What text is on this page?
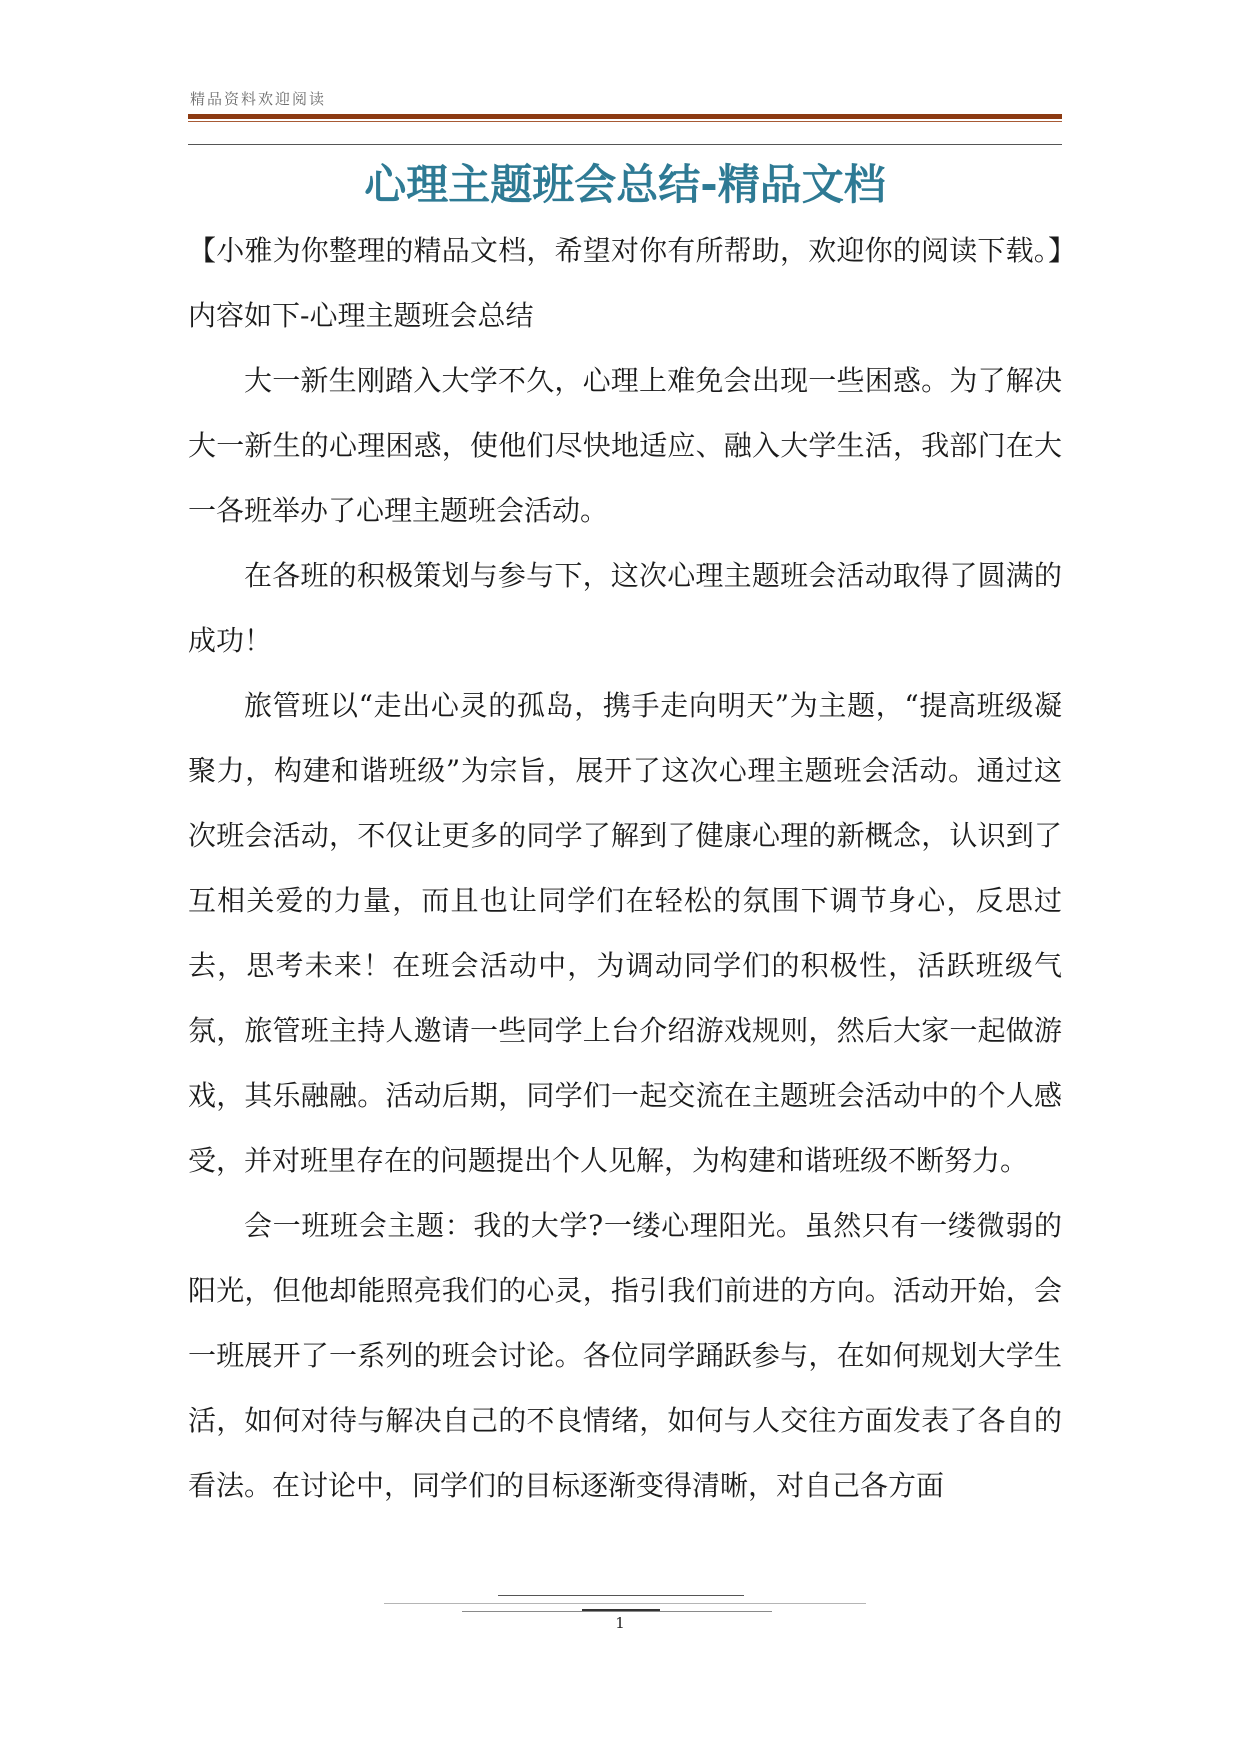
精品资料欢迎阅读
心理主题班会总结-精品文档

【小雅为你整理的精品文档，希望对你有所帮助，欢迎你的阅读下载。】内容如下-心理主题班会总结

大一新生刚踏入大学不久，心理上难免会出现一些困惑。为了解决大一新生的心理困惑，使他们尽快地适应、融入大学生活，我部门在大一各班举办了心理主题班会活动。

在各班的积极策划与参与下，这次心理主题班会活动取得了圆满的成功！

旅管班以“走出心灵的孤岛，携手走向明天”为主题，“提高班级凝聚力，构建和谐班级”为宗旨，展开了这次心理主题班会活动。通过这次班会活动，不仅让更多的同学了解到了健康心理的新概念，认识到了互相关爱的力量，而且也让同学们在轻松的氛围下调节身心，反思过去，思考未来！在班会活动中，为调动同学们的积极性，活跃班级气氛，旅管班主持人邀请一些同学上台介绍游戏规则，然后大家一起做游戏，其乐融融。活动后期，同学们一起交流在主题班会活动中的个人感受，并对班里存在的问题提出个人见解，为构建和谐班级不断努力。

会一班班会主题：我的大学?一缕心理阳光。虽然只有一缕微弱的阳光，但他却能照亮我们的心灵，指引我们前进的方向。活动开始，会一班展开了一系列的班会讨论。各位同学踊跃参与，在如何规划大学生活，如何对待与解决自己的不良情绪，如何与人交往方面发表了各自的看法。在讨论中，同学们的目标逐渐变得清晰，对自己各方面

1
